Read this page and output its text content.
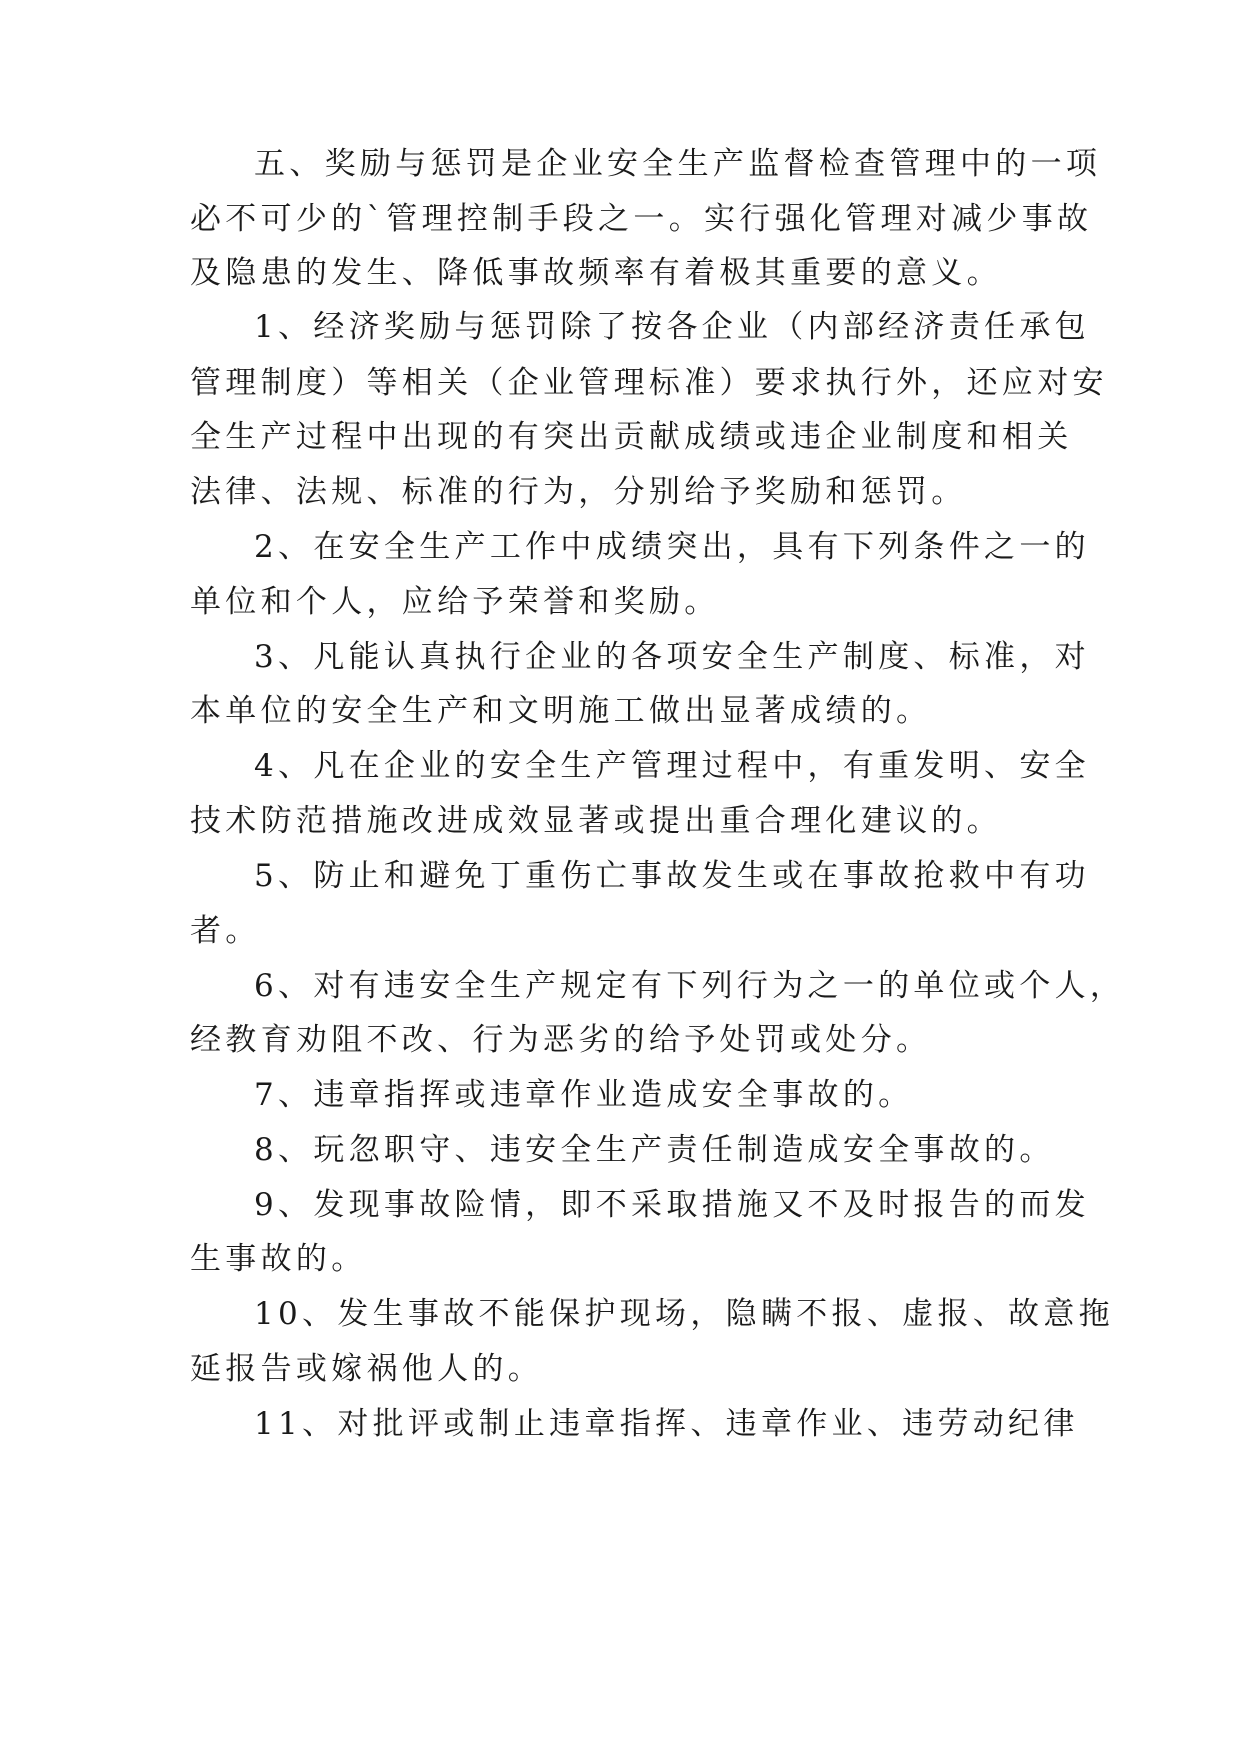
五、奖励与惩罚是企业安全生产监督检查管理中的一项
必不可少的`管理控制手段之一。实行强化管理对减少事故
及隐患的发生、降低事故频率有着极其重要的意义。
1、经济奖励与惩罚除了按各企业（内部经济责任承包
管理制度）等相关（企业管理标准）要求执行外，还应对安
全生产过程中出现的有突出贡献成绩或违企业制度和相关
法律、法规、标准的行为，分别给予奖励和惩罚。
2、在安全生产工作中成绩突出，具有下列条件之一的
单位和个人，应给予荣誉和奖励。
3、凡能认真执行企业的各项安全生产制度、标准，对
本单位的安全生产和文明施工做出显著成绩的。
4、凡在企业的安全生产管理过程中，有重发明、安全
技术防范措施改进成效显著或提出重合理化建议的。
5、防止和避免丁重伤亡事故发生或在事故抢救中有功
者。
6、对有违安全生产规定有下列行为之一的单位或个人，
经教育劝阻不改、行为恶劣的给予处罚或处分。
7、违章指挥或违章作业造成安全事故的。
8、玩忽职守、违安全生产责任制造成安全事故的。
9、发现事故险情，即不采取措施又不及时报告的而发
生事故的。
10、发生事故不能保护现场，隐瞒不报、虚报、故意拖
延报告或嫁祸他人的。
11、对批评或制止违章指挥、违章作业、违劳动纪律
